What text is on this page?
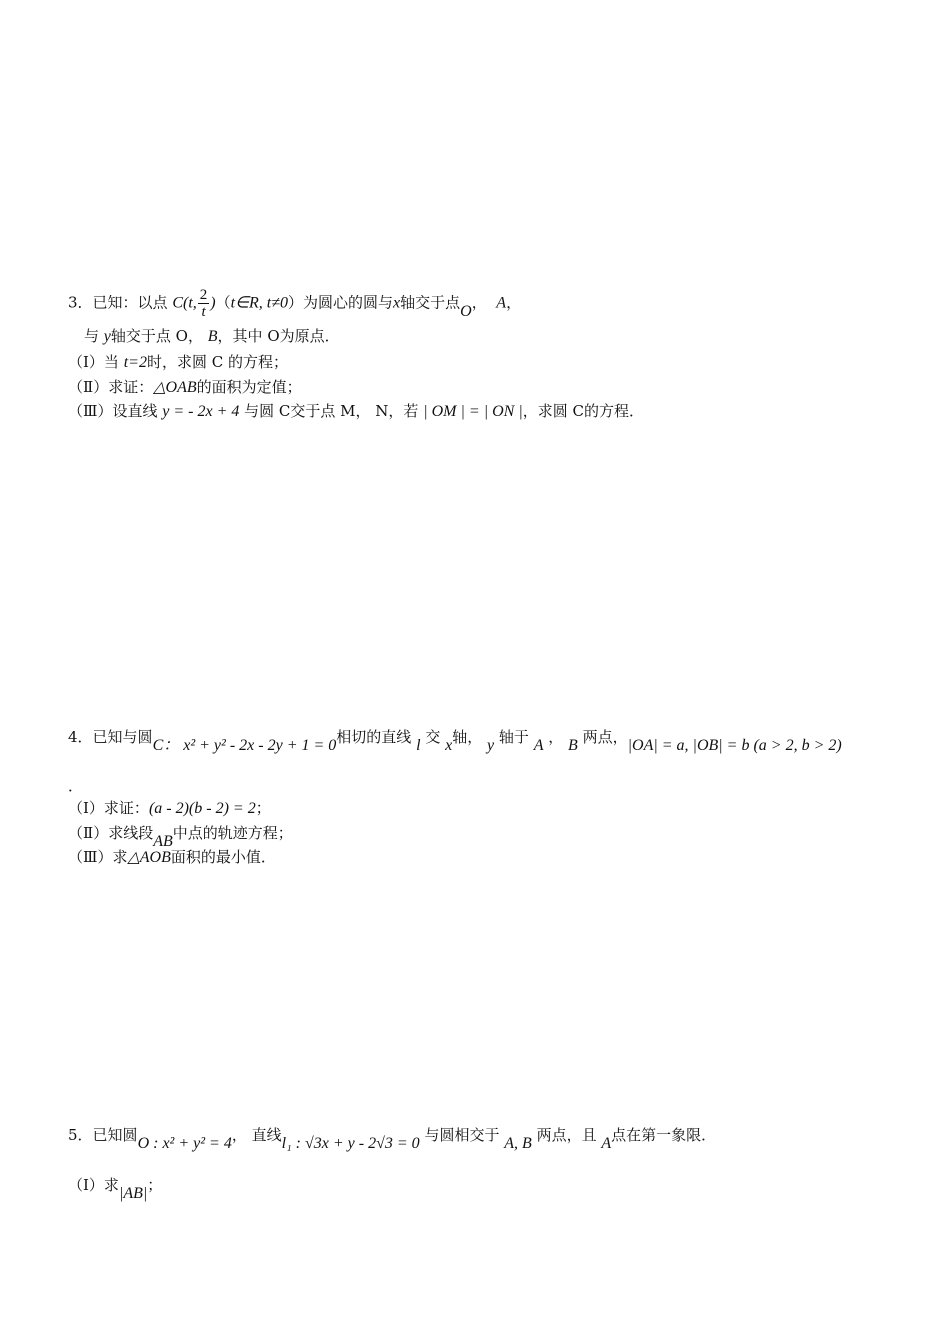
3．已知：以点 C(t, $\frac{2}{t}$ )（t∈R, t≠0）为圆心的圆与x轴交于点O， A，
与 y轴交于点 O， B，其中 O为原点．
（Ⅰ）当 t=2时，求圆 C 的方程；
（Ⅱ）求证：△OAB的面积为定值；
（Ⅲ）设直线 y = - 2x + 4 与圆 C交于点 M， N，若 | OM | = | ON |，求圆 C的方程．
4．已知与圆C： x² + y² - 2x - 2y + 1 = 0相切的直线 l 交 x轴， y 轴于 A ， B 两点，|OA| = a, |OB| = b (a > 2, b > 2)
．
（Ⅰ）求证：(a - 2)(b - 2) = 2；
（Ⅱ）求线段AB中点的轨迹方程；
（Ⅲ）求△AOB面积的最小值．
5．已知圆O : x² + y² = 4， 直线l₁ : √3x + y - 2√3 = 0 与圆相交于 A, B 两点，且 A点在第一象限．
（Ⅰ）求|AB|；
